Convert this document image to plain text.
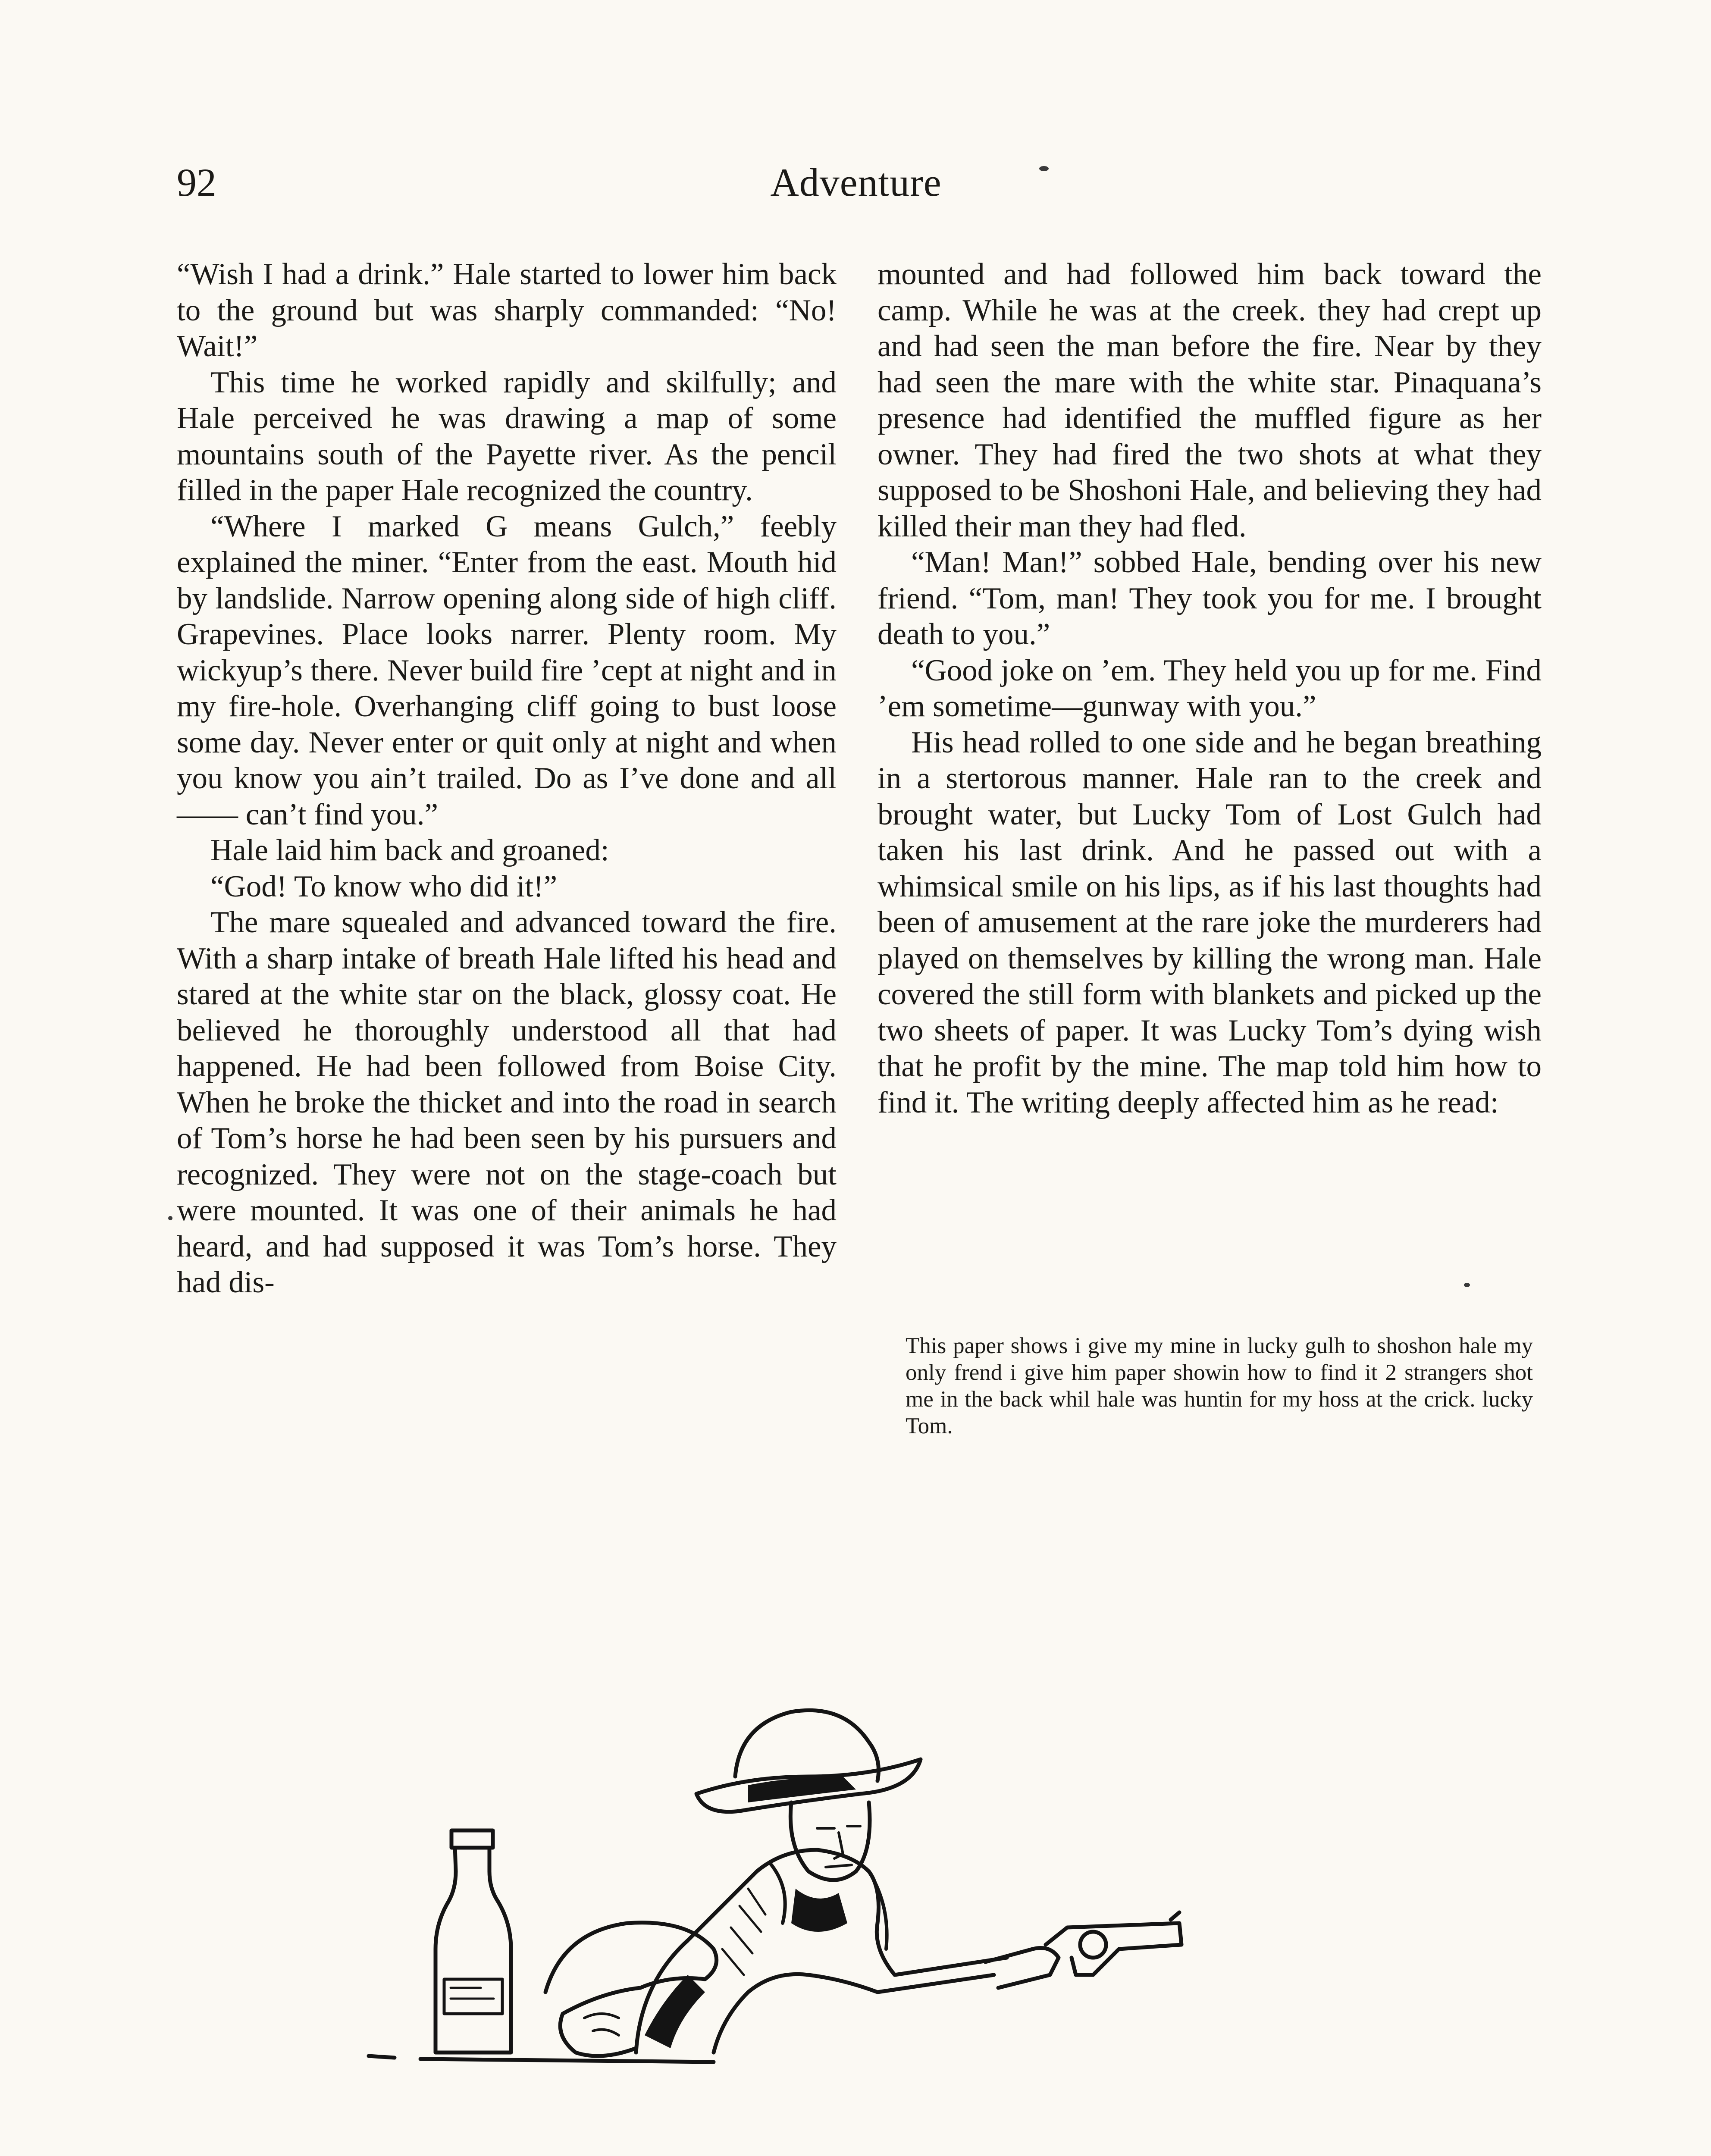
92	Adventure

“Wish I had a drink.” Hale started to lower him back to the ground but was sharply commanded: “No! Wait!”

This time he worked rapidly and skilfully; and Hale perceived he was drawing a map of some mountains south of the Payette river. As the pencil filled in the paper Hale recognized the country.

“Where I marked G means Gulch,” feebly explained the miner. “Enter from the east. Mouth hid by landslide. Narrow opening along side of high cliff. Grapevines. Place looks narrer. Plenty room. My wickyup’s there. Never build fire ’cept at night and in my fire-hole. Overhanging cliff going to bust loose some day. Never enter or quit only at night and when you know you ain’t trailed. Do as I’ve done and all —— can’t find you.”

Hale laid him back and groaned:

“God! To know who did it!”

The mare squealed and advanced toward the fire. With a sharp intake of breath Hale lifted his head and stared at the white star on the black, glossy coat. He believed he thoroughly understood all that had happened. He had been followed from Boise City. When he broke the thicket and into the road in search of Tom’s horse he had been seen by his pursuers and recognized. They were not on the stage-coach but were mounted. It was one of their animals he had heard, and had supposed it was Tom’s horse. They had dis-

mounted and had followed him back toward the camp. While he was at the creek. they had crept up and had seen the man before the fire. Near by they had seen the mare with the white star. Pinaquana’s presence had identified the muffled figure as her owner. They had fired the two shots at what they supposed to be Shoshoni Hale, and believing they had killed their man they had fled.

“Man! Man!” sobbed Hale, bending over his new friend. “Tom, man! They took you for me. I brought death to you.”

“Good joke on ’em. They held you up for me. Find ’em sometime—gunway with you.”

His head rolled to one side and he began breathing in a stertorous manner. Hale ran to the creek and brought water, but Lucky Tom of Lost Gulch had taken his last drink. And he passed out with a whimsical smile on his lips, as if his last thoughts had been of amusement at the rare joke the murderers had played on themselves by killing the wrong man. Hale covered the still form with blankets and picked up the two sheets of paper. It was Lucky Tom’s dying wish that he profit by the mine. The map told him how to find it. The writing deeply affected him as he read:

This paper shows i give my mine in lucky gulh to shoshon hale my only frend i give him paper showin how to find it 2 strangers shot me in the back whil hale was huntin for my hoss at the crick. lucky Tom.
